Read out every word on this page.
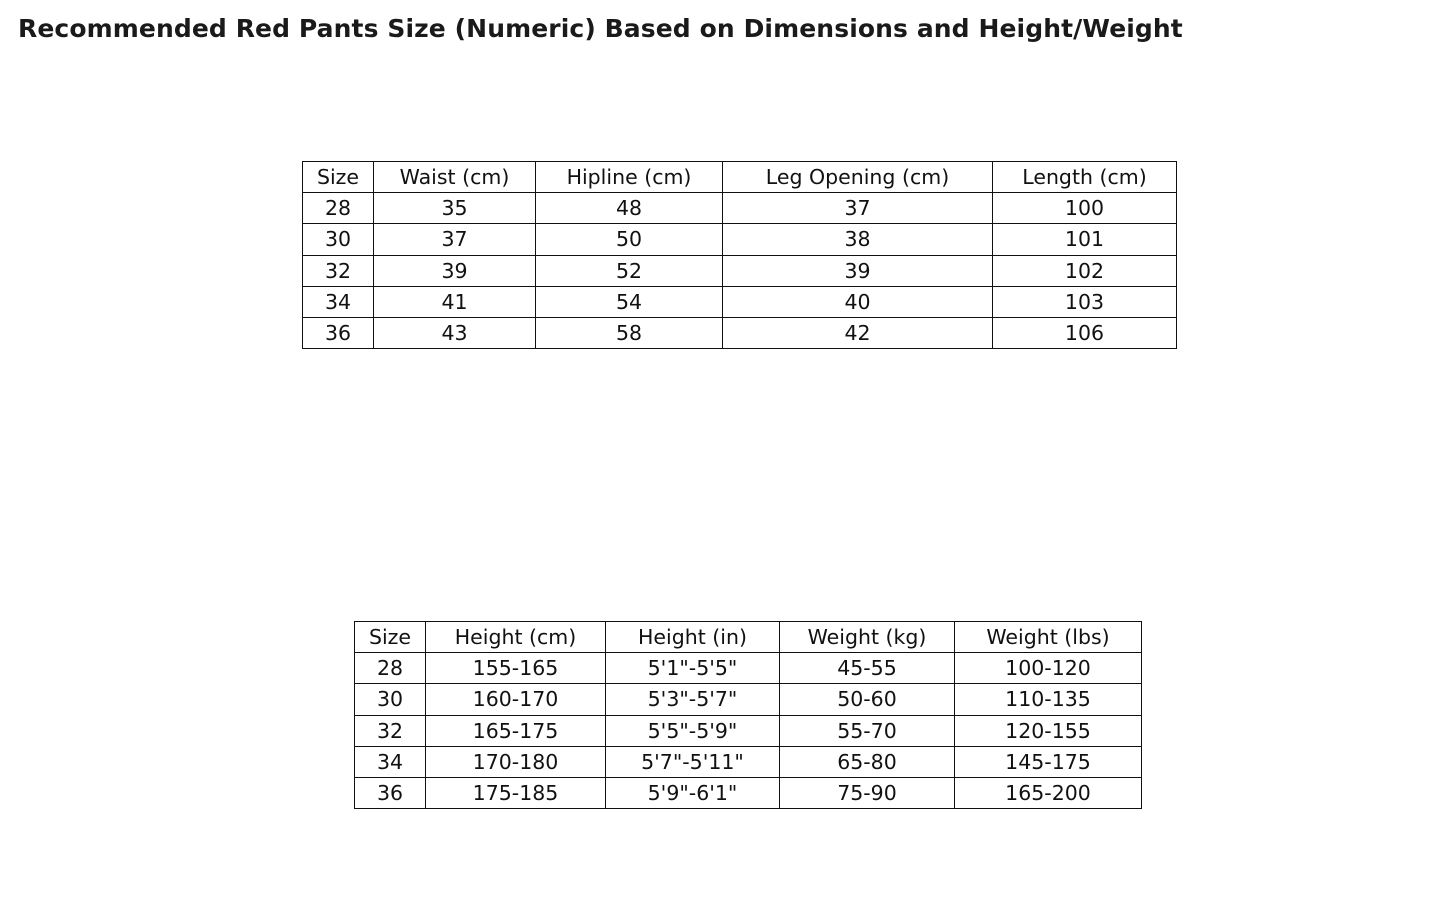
Recommended Red Pants Size (Numeric) Based on Dimensions and Height/Weight
Size	Waist (cm)	Hipline (cm)	Leg Opening (cm)	Length (cm)
28	35	48	37	100
30	37	50	38	101
32	39	52	39	102
34	41	54	40	103
36	43	58	42	106
Size	Height (cm)	Height (in)	Weight (kg)	Weight (lbs)
28	155-165	5'1"-5'5"	45-55	100-120
30	160-170	5'3"-5'7"	50-60	110-135
32	165-175	5'5"-5'9"	55-70	120-155
34	170-180	5'7"-5'11"	65-80	145-175
36	175-185	5'9"-6'1"	75-90	165-200
